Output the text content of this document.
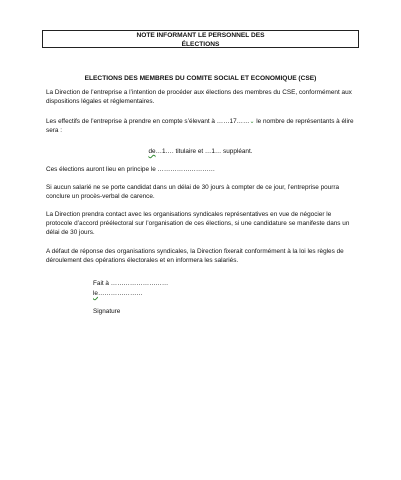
NOTE INFORMANT LE PERSONNEL DES
ÉLECTIONS

ELECTIONS DES MEMBRES DU COMITE SOCIAL ET ECONOMIQUE (CSE)

La Direction de l’entreprise a l’intention de procéder aux élections des membres du CSE, conformément aux dispositions légales et réglementaires.

Les effectifs de l’entreprise à prendre en compte s’élevant à ……17……⌄ le nombre de représentants à élire sera :

de…1…. titulaire et …1… suppléant.

Ces élections auront lieu en principe le ………………………

Si aucun salarié ne se porte candidat dans un délai de 30 jours à compter de ce jour, l’entreprise pourra conclure un procès-verbal de carence.

La Direction prendra contact avec les organisations syndicales représentatives en vue de négocier le protocole d’accord préélectoral sur l’organisation de ces élections, si une candidature se manifeste dans un délai de 30 jours.

A défaut de réponse des organisations syndicales, la Direction fixerait conformément à la loi les règles de déroulement des opérations électorales et en informera les salariés.

Fait à ………………………

le…………………

Signature
